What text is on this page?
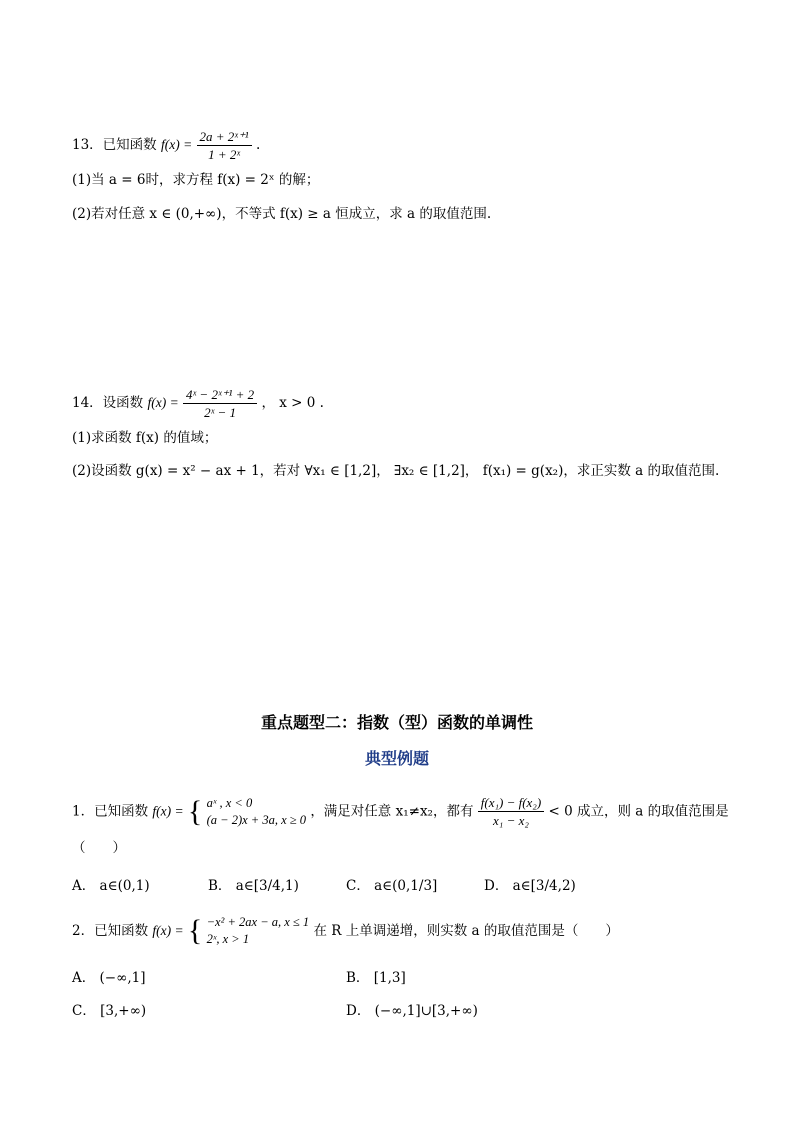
13．已知函数 $f(x) = \frac{\text{2a + 2ˣ⁺¹}}{\text{1 + 2ˣ}}$ .
(1)当 a = 6时，求方程 f(x) = 2ˣ 的解；
(2)若对任意 x ∈ (0,+∞)，不等式 f(x) ≥ a 恒成立，求 a 的取值范围.
14．设函数 $f(x) = \frac{\text{4ˣ − 2ˣ⁺¹ + 2}}{\text{2ˣ − 1}}$ ， x > 0 .
(1)求函数 f(x) 的值域；
(2)设函数 g(x) = x² − ax + 1，若对 ∀x₁ ∈ [1,2]， ∃x₂ ∈ [1,2]， f(x₁) = g(x₂)，求正实数 a 的取值范围.
重点题型二：指数（型）函数的单调性
典型例题
1．已知函数 f(x) = { aˣ , x < 0
(a − 2)x + 3a, x ≥ 0 ，满足对任意 x₁≠x₂，都有 $\frac{\text{f(x₁) − f(x₂)}}{\text{x₁ − x₂}} < 0$ 成立，则 a 的取值范围是
（　　）
A． a∈(0,1)	B． a∈[3/4,1)	C． a∈(0,1/3]	D． a∈[3/4,2)
2．已知函数 f(x) = { −x² + 2ax − a, x ≤ 1
2ˣ, x > 1	在 R 上单调递增，则实数 a 的取值范围是（　　）
A． (−∞,1]	B． [1,3]
C． [3,+∞)	D． (−∞,1]∪[3,+∞)
